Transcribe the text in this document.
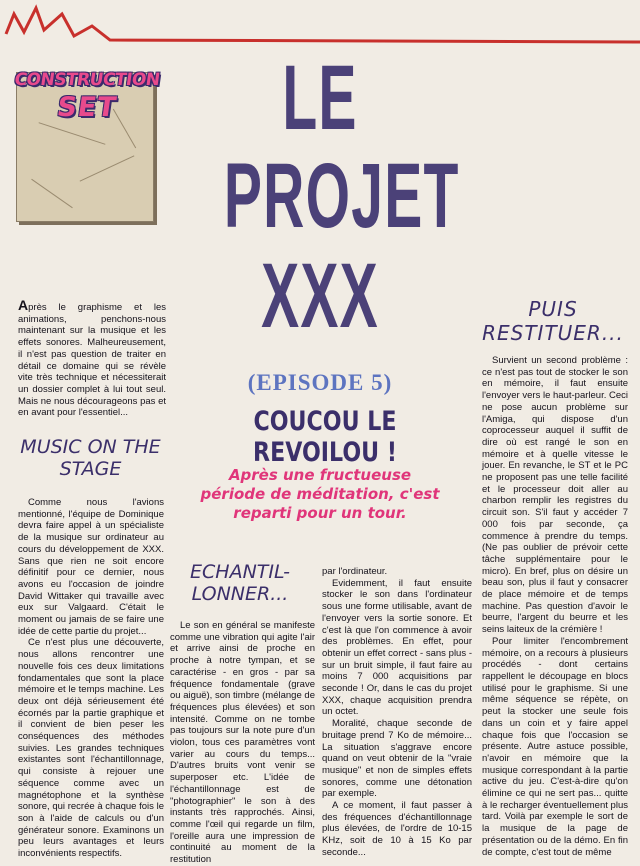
CONSTRUCTION
SET	LE
PROJET
XXX
(EPISODE 5)
COUCOU LE REVOILOU !
Après une fructueuse période de méditation, c'est reparti pour un tour.

Après le graphisme et les animations, penchons-nous maintenant sur la musique et les effets sonores. Malheureusement, il n'est pas question de traiter en détail ce domaine qui se révèle vite très technique et nécessiterait un dossier complet à lui tout seul. Mais ne nous décourageons pas et en avant pour l'essentiel...

MUSIC ON THE STAGE

Comme nous l'avions mentionné, l'équipe de Dominique devra faire appel à un spécialiste de la musique sur ordinateur au cours du développement de XXX. Sans que rien ne soit encore définitif pour ce dernier, nous avons eu l'occasion de joindre David Wittaker qui travaille avec eux sur Valgaard. C'était le moment ou jamais de se faire une idée de cette partie du projet...

Ce n'est plus une découverte, nous allons rencontrer une nouvelle fois ces deux limitations fondamentales que sont la place mémoire et le temps machine. Les deux ont déjà sérieusement été écornés par la partie graphique et il convient de bien peser les conséquences des méthodes suivies. Les grandes techniques existantes sont l'échantillonnage, qui consiste à rejouer une séquence comme avec un magnétophone et la synthèse sonore, qui recrée à chaque fois le son à l'aide de calculs ou d'un générateur sonore. Examinons un peu leurs avantages et leurs inconvénients respectifs.

ECHANTIL-LONNER...

Le son en général se manifeste comme une vibration qui agite l'air et arrive ainsi de proche en proche à notre tympan, et se caractérise - en gros - par sa fréquence fondamentale (grave ou aiguë), son timbre (mélange de fréquences plus élevées) et son intensité. Comme on ne tombe pas toujours sur la note pure d'un violon, tous ces paramètres vont varier au cours du temps... D'autres bruits vont venir se superposer etc. L'idée de l'échantillonnage est de "photographier" le son à des instants très rapprochés. Ainsi, comme l'œil qui regarde un film, l'oreille aura une impression de continuité au moment de la restitution

par l'ordinateur.

Evidemment, il faut ensuite stocker le son dans l'ordinateur sous une forme utilisable, avant de l'envoyer vers la sortie sonore. Et c'est là que l'on commence à avoir des problèmes. En effet, pour obtenir un effet correct - sans plus - sur un bruit simple, il faut faire au moins 7 000 acquisitions par seconde ! Or, dans le cas du projet XXX, chaque acquisition prendra un octet.

Moralité, chaque seconde de bruitage prend 7 Ko de mémoire... La situation s'aggrave encore quand on veut obtenir de la "vraie musique" et non de simples effets sonores, comme une détonation par exemple.

A ce moment, il faut passer à des fréquences d'échantillonnage plus élevées, de l'ordre de 10-15 KHz, soit de 10 à 15 Ko par seconde...

PUIS RESTITUER...

Survient un second problème : ce n'est pas tout de stocker le son en mémoire, il faut ensuite l'envoyer vers le haut-parleur. Ceci ne pose aucun problème sur l'Amiga, qui dispose d'un coprocesseur auquel il suffit de dire où est rangé le son en mémoire et à quelle vitesse le jouer. En revanche, le ST et le PC ne proposent pas une telle facilité et le processeur doit aller au charbon remplir les registres du circuit son. S'il faut y accéder 7 000 fois par seconde, ça commence à prendre du temps. (Ne pas oublier de prévoir cette tâche supplémentaire pour le micro). En bref, plus on désire un beau son, plus il faut y consacrer de place mémoire et de temps machine. Pas question d'avoir le beurre, l'argent du beurre et les seins laiteux de la crémière !

Pour limiter l'encombrement mémoire, on a recours à plusieurs procédés - dont certains rappellent le découpage en blocs utilisé pour le graphisme. Si une même séquence se répète, on peut la stocker une seule fois dans un coin et y faire appel chaque fois que l'occasion se présente. Autre astuce possible, n'avoir en mémoire que la musique correspondant à la partie active du jeu. C'est-à-dire qu'on élimine ce qui ne sert pas... quitte à le recharger éventuellement plus tard. Voilà par exemple le sort de la musique de la page de présentation ou de la démo. En fin de compte, c'est tout de même
